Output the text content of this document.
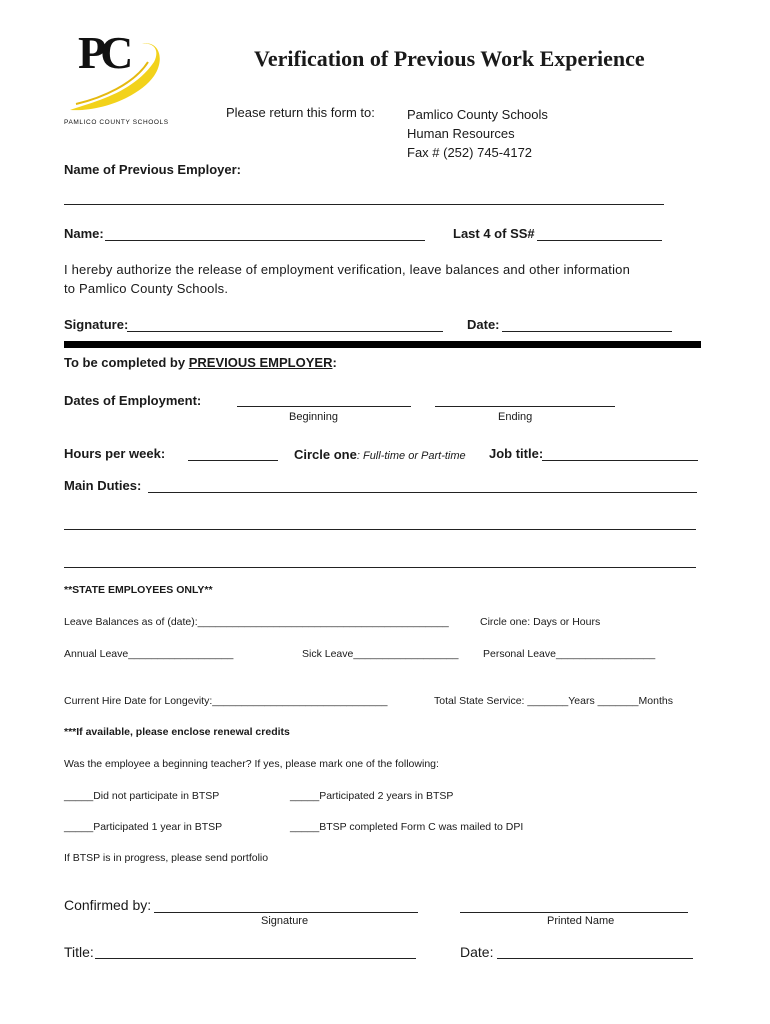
PC
PAMLICO COUNTY SCHOOLS
Verification of Previous Work Experience
Please return this form to: Pamlico County Schools
Human Resources
Fax # (252) 745-4172
Name of Previous Employer:
Name:	Last 4 of SS#
I hereby authorize the release of employment verification, leave balances and other information
to Pamlico County Schools.
Signature:	Date:
To be completed by PREVIOUS EMPLOYER:
Dates of Employment:
Beginning	Ending
Hours per week:	Circle one: Full-time or Part-time Job title:
Main Duties:
**STATE EMPLOYEES ONLY**
Leave Balances as of (date):___________________________________________	Circle one: Days or Hours
Annual Leave__________________	Sick Leave__________________ Personal Leave_________________
Current Hire Date for Longevity:______________________________	Total State Service: _______Years _______Months
***If available, please enclose renewal credits
Was the employee a beginning teacher? If yes, please mark one of the following:
_____Did not participate in BTSP	_____Participated 2 years in BTSP
_____Participated 1 year in BTSP	_____BTSP completed Form C was mailed to DPI
If BTSP is in progress, please send portfolio
Confirmed by:
Signature	Printed Name
Title:	Date:
